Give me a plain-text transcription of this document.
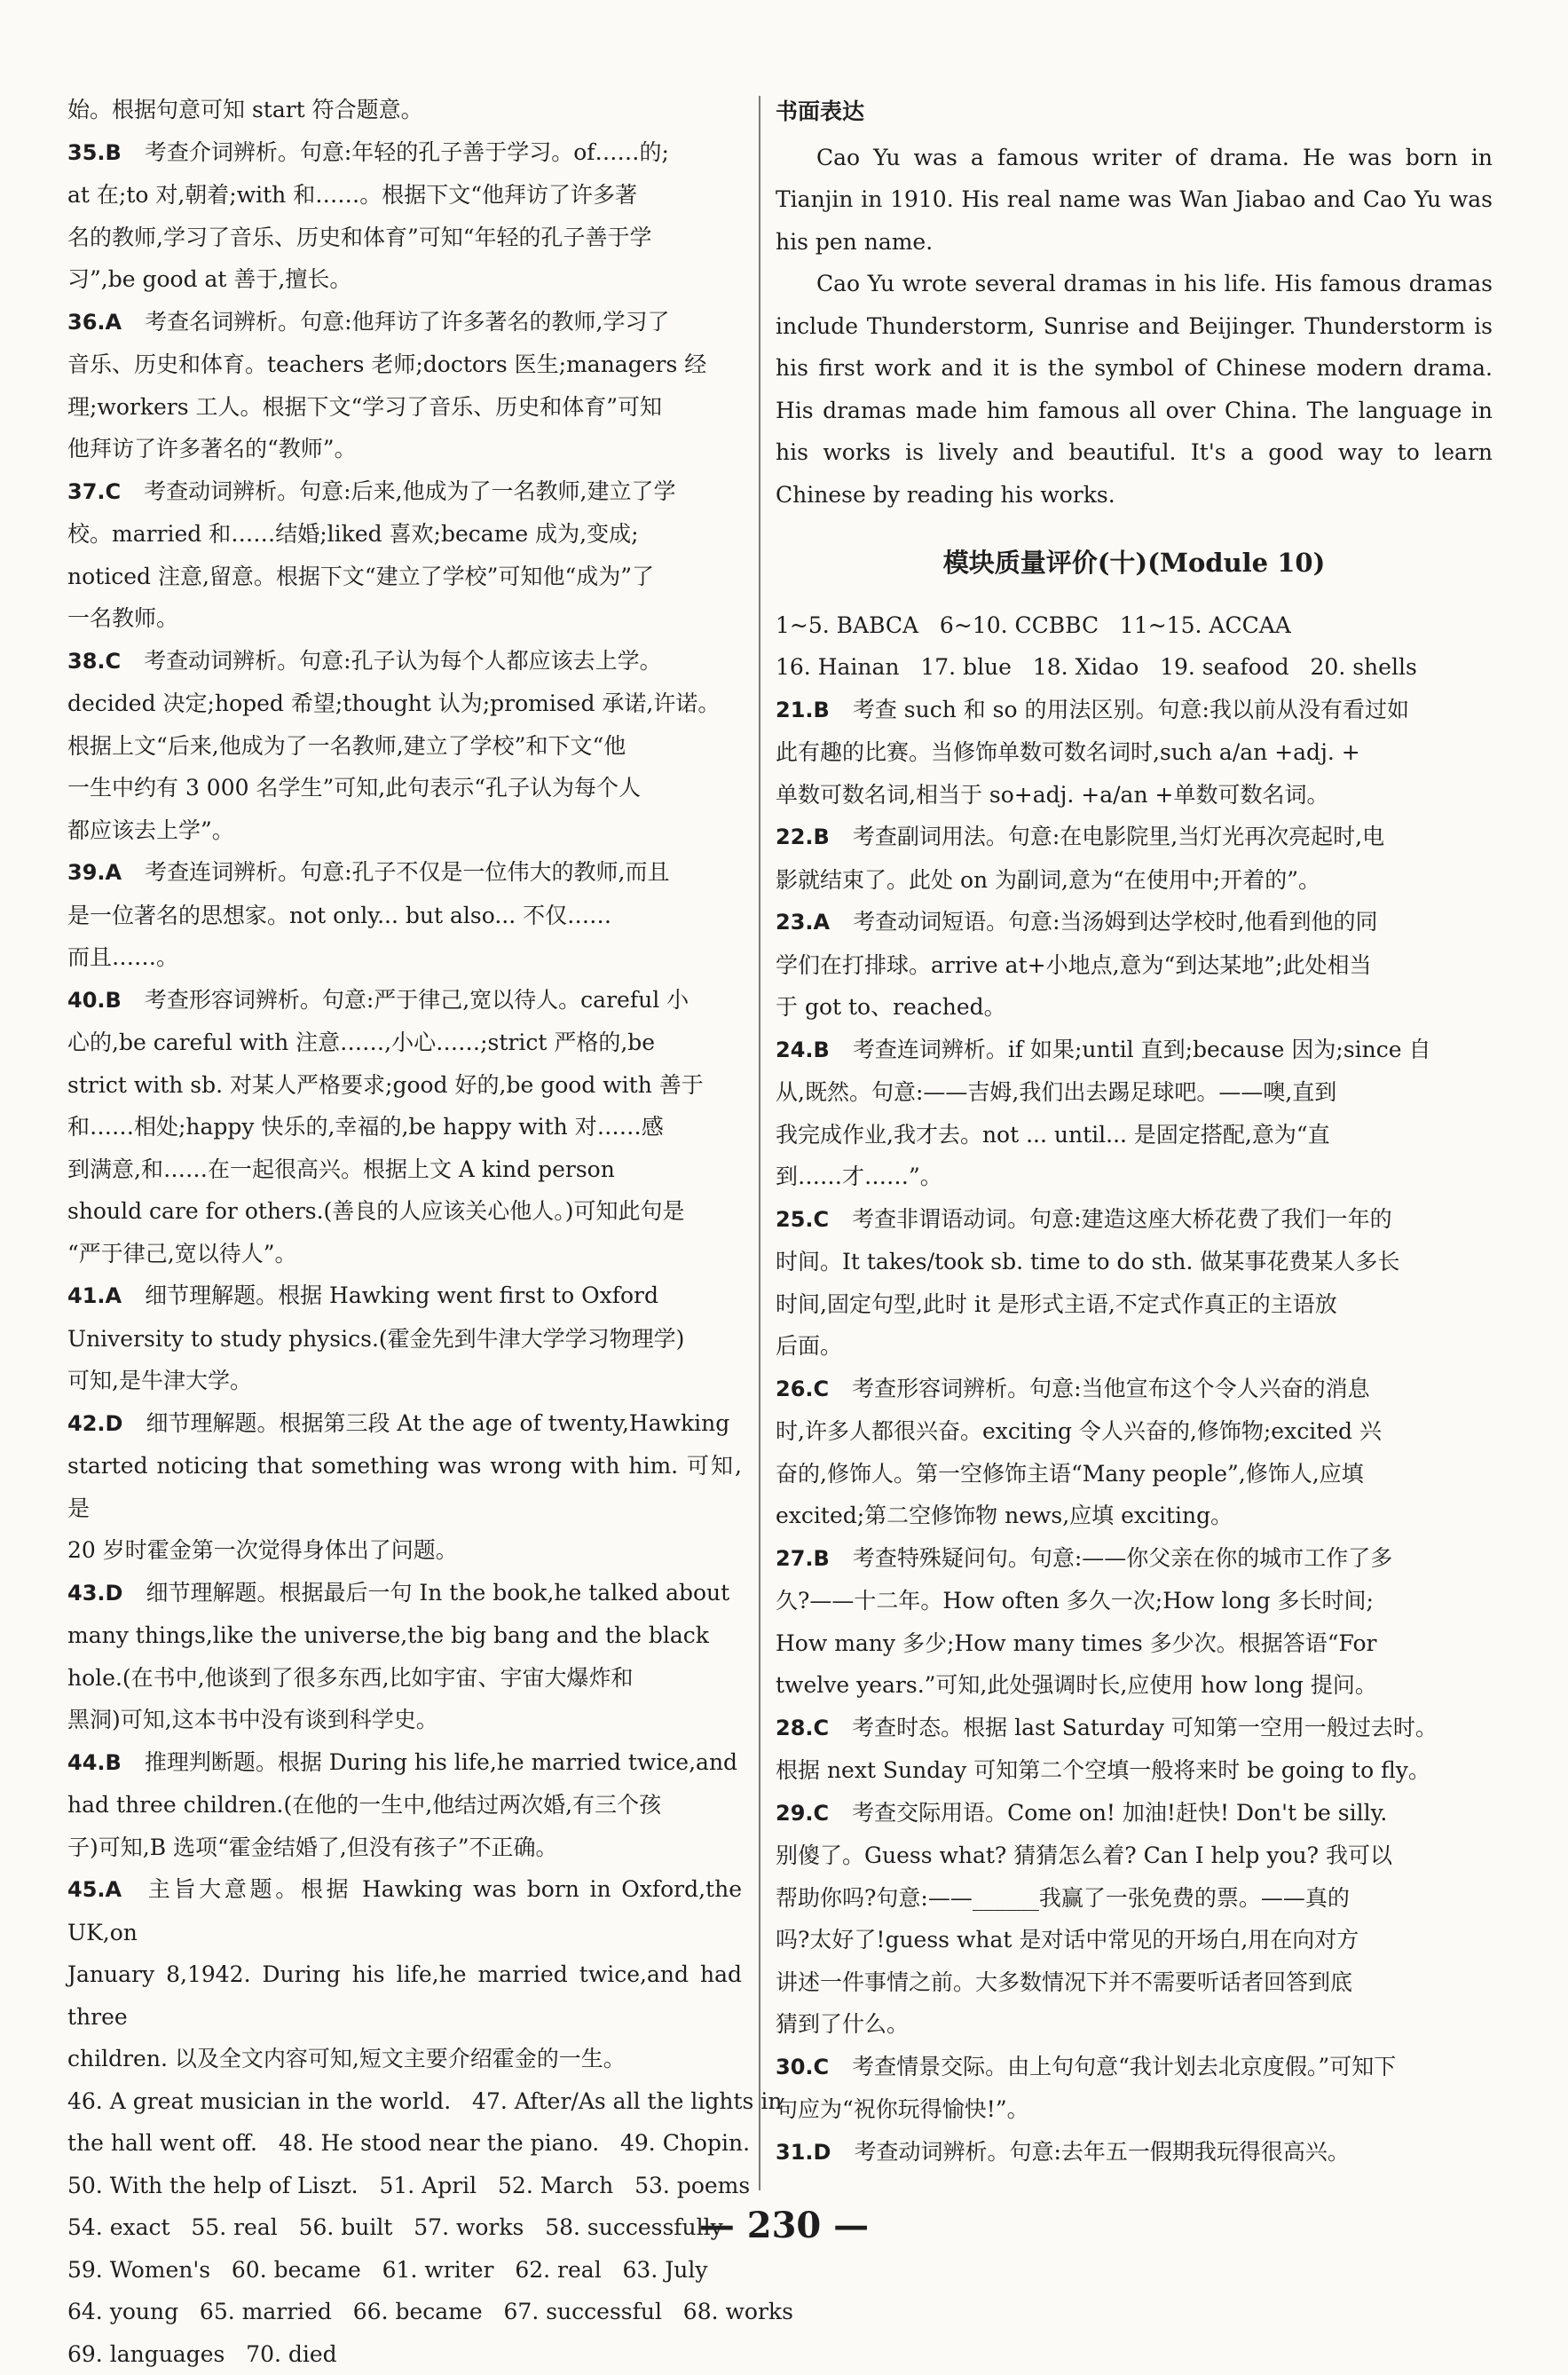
始。根据句意可知 start 符合题意。

35.B 考查介词辨析。句意:年轻的孔子善于学习。of……的;

at 在;to 对,朝着;with 和……。根据下文“他拜访了许多著

名的教师,学习了音乐、历史和体育”可知“年轻的孔子善于学

习”,be good at 善于,擅长。

36.A 考查名词辨析。句意:他拜访了许多著名的教师,学习了

音乐、历史和体育。teachers 老师;doctors 医生;managers 经

理;workers 工人。根据下文“学习了音乐、历史和体育”可知

他拜访了许多著名的“教师”。

37.C 考查动词辨析。句意:后来,他成为了一名教师,建立了学

校。married 和……结婚;liked 喜欢;became 成为,变成;

noticed 注意,留意。根据下文“建立了学校”可知他“成为”了

一名教师。

38.C 考查动词辨析。句意:孔子认为每个人都应该去上学。

decided 决定;hoped 希望;thought 认为;promised 承诺,许诺。

根据上文“后来,他成为了一名教师,建立了学校”和下文“他

一生中约有 3 000 名学生”可知,此句表示“孔子认为每个人

都应该去上学”。

39.A 考查连词辨析。句意:孔子不仅是一位伟大的教师,而且

是一位著名的思想家。not only... but also... 不仅……

而且……。

40.B 考查形容词辨析。句意:严于律己,宽以待人。careful 小

心的,be careful with 注意……,小心……;strict 严格的,be

strict with sb. 对某人严格要求;good 好的,be good with 善于

和……相处;happy 快乐的,幸福的,be happy with 对……感

到满意,和……在一起很高兴。根据上文 A kind person

should care for others.(善良的人应该关心他人。)可知此句是

“严于律己,宽以待人”。

41.A 细节理解题。根据 Hawking went first to Oxford

University to study physics.(霍金先到牛津大学学习物理学)

可知,是牛津大学。

42.D 细节理解题。根据第三段 At the age of twenty,Hawking

started noticing that something was wrong with him. 可知,是

20 岁时霍金第一次觉得身体出了问题。

43.D 细节理解题。根据最后一句 In the book,he talked about

many things,like the universe,the big bang and the black

hole.(在书中,他谈到了很多东西,比如宇宙、宇宙大爆炸和

黑洞)可知,这本书中没有谈到科学史。

44.B 推理判断题。根据 During his life,he married twice,and

had three children.(在他的一生中,他结过两次婚,有三个孩

子)可知,B 选项“霍金结婚了,但没有孩子”不正确。

45.A 主旨大意题。根据 Hawking was born in Oxford,the UK,on

January 8,1942. During his life,he married twice,and had three

children. 以及全文内容可知,短文主要介绍霍金的一生。

46. A great musician in the world.   47. After/As all the lights in

the hall went off.   48. He stood near the piano.   49. Chopin.

50. With the help of Liszt.   51. April   52. March   53. poems

54. exact   55. real   56. built   57. works   58. successfully

59. Women's   60. became   61. writer   62. real   63. July

64. young   65. married   66. became   67. successful   68. works

69. languages   70. died

书面表达

Cao Yu was a famous writer of drama. He was born in Tianjin in 1910. His real name was Wan Jiabao and Cao Yu was his pen name.

Cao Yu wrote several dramas in his life. His famous dramas include Thunderstorm, Sunrise and Beijinger. Thunderstorm is his first work and it is the symbol of Chinese modern drama. His dramas made him famous all over China. The language in his works is lively and beautiful. It's a good way to learn Chinese by reading his works.

模块质量评价(十)(Module 10)

1~5. BABCA   6~10. CCBBC   11~15. ACCAA

16. Hainan   17. blue   18. Xidao   19. seafood   20. shells

21.B 考查 such 和 so 的用法区别。句意:我以前从没有看过如

此有趣的比赛。当修饰单数可数名词时,such a/an +adj. +

单数可数名词,相当于 so+adj. +a/an +单数可数名词。

22.B 考查副词用法。句意:在电影院里,当灯光再次亮起时,电

影就结束了。此处 on 为副词,意为“在使用中;开着的”。

23.A 考查动词短语。句意:当汤姆到达学校时,他看到他的同

学们在打排球。arrive at+小地点,意为“到达某地”;此处相当

于 got to、reached。

24.B 考查连词辨析。if 如果;until 直到;because 因为;since 自

从,既然。句意:——吉姆,我们出去踢足球吧。——噢,直到

我完成作业,我才去。not ... until... 是固定搭配,意为“直

到……才……”。

25.C 考查非谓语动词。句意:建造这座大桥花费了我们一年的

时间。It takes/took sb. time to do sth. 做某事花费某人多长

时间,固定句型,此时 it 是形式主语,不定式作真正的主语放

后面。

26.C 考查形容词辨析。句意:当他宣布这个令人兴奋的消息

时,许多人都很兴奋。exciting 令人兴奋的,修饰物;excited 兴

奋的,修饰人。第一空修饰主语“Many people”,修饰人,应填

excited;第二空修饰物 news,应填 exciting。

27.B 考查特殊疑问句。句意:——你父亲在你的城市工作了多

久?——十二年。How often 多久一次;How long 多长时间;

How many 多少;How many times 多少次。根据答语“For

twelve years.”可知,此处强调时长,应使用 how long 提问。

28.C 考查时态。根据 last Saturday 可知第一空用一般过去时。

根据 next Sunday 可知第二个空填一般将来时 be going to fly。

29.C 考查交际用语。Come on! 加油!赶快! Don't be silly.

别傻了。Guess what? 猜猜怎么着? Can I help you? 我可以

帮助你吗?句意:——______我赢了一张免费的票。——真的

吗?太好了!guess what 是对话中常见的开场白,用在向对方

讲述一件事情之前。大多数情况下并不需要听话者回答到底

猜到了什么。

30.C 考查情景交际。由上句句意“我计划去北京度假。”可知下

句应为“祝你玩得愉快!”。

31.D 考查动词辨析。句意:去年五一假期我玩得很高兴。

— 230 —
